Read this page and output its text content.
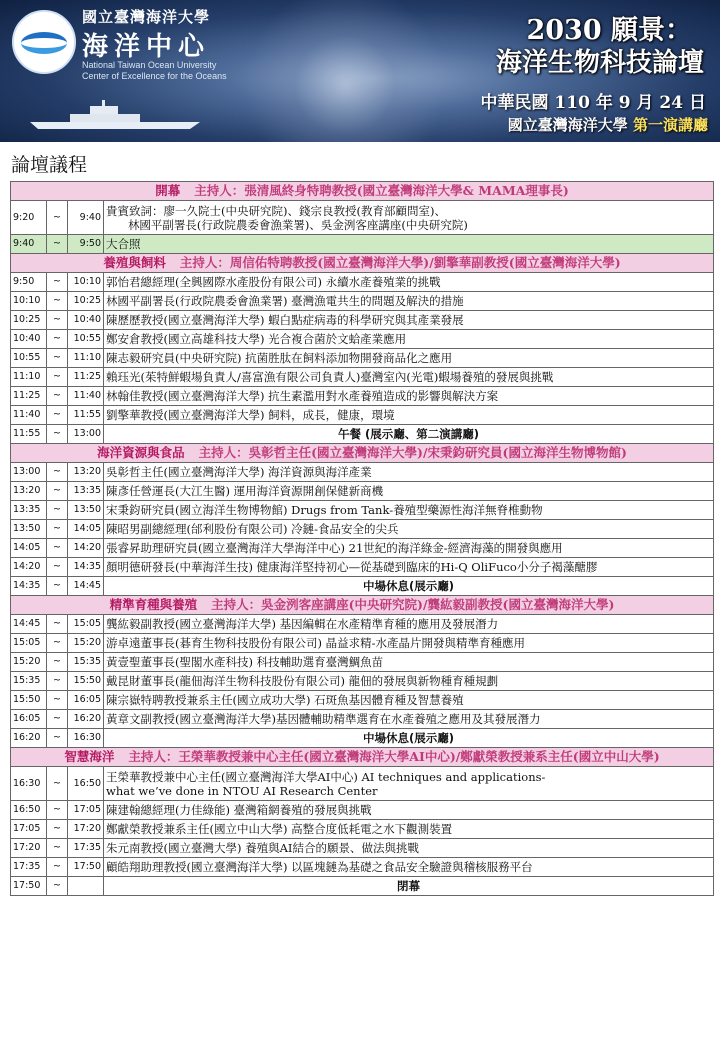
國立臺灣海洋大學
海洋中心
National Taiwan Ocean University
Center of Excellence for the Oceans
2030 願景：
海洋生物科技論壇
中華民國 110 年 9 月 24 日
國立臺灣海洋大學 第一演講廳
論壇議程
開幕 主持人：張清風終身特聘教授(國立臺灣海洋大學& MAMA理事長)			
9:20	~	9:40	貴賓致詞：廖一久院士(中央研究院)、錢宗良教授(教育部顧問室)、
林國平副署長(行政院農委會漁業署)、吳金洌客座講座(中央研究院)
9:40	~	9:50	大合照
養殖與飼料 主持人：周信佑特聘教授(國立臺灣海洋大學)/劉擎華副教授(國立臺灣海洋大學)			
9:50	~	10:10	郭怡君總經理(全興國際水產股份有限公司) 永續水產養殖業的挑戰
10:10	~	10:25	林國平副署長(行政院農委會漁業署) 臺灣漁電共生的問題及解決的措施
10:25	~	10:40	陳歷歷教授(國立臺灣海洋大學) 蝦白點症病毒的科學研究與其產業發展
10:40	~	10:55	鄭安倉教授(國立高雄科技大學) 光合複合菌於文蛤產業應用
10:55	~	11:10	陳志毅研究員(中央研究院) 抗菌胜肽在飼料添加物開發商品化之應用
11:10	~	11:25	賴珏光(茱特鮮蝦場負責人/喜富漁有限公司負責人)臺灣室內(光電)蝦場養殖的發展與挑戰
11:25	~	11:40	林翰佳教授(國立臺灣海洋大學) 抗生素濫用對水產養殖造成的影響與解決方案
11:40	~	11:55	劉擎華教授(國立臺灣海洋大學) 飼料，成長，健康，環境
11:55	~	13:00	午餐 (展示廳、第二演講廳)
海洋資源與食品 主持人：吳彰哲主任(國立臺灣海洋大學)/宋秉鈞研究員(國立海洋生物博物館)			
13:00	~	13:20	吳彰哲主任(國立臺灣海洋大學) 海洋資源與海洋產業
13:20	~	13:35	陳彥任營運長(大江生醫) 運用海洋資源開創保健新商機
13:35	~	13:50	宋秉鈞研究員(國立海洋生物博物館) Drugs from Tank-養殖型藥源性海洋無脊椎動物
13:50	~	14:05	陳昭男副總經理(邰利股份有限公司) 冷鏈-食品安全的尖兵
14:05	~	14:20	張睿昇助理研究員(國立臺灣海洋大學海洋中心) 21世紀的海洋綠金-經濟海藻的開發與應用
14:20	~	14:35	顏明德研發長(中華海洋生技) 健康海洋堅持初心—從基礎到臨床的Hi-Q OliFuco小分子褐藻醣膠
14:35	~	14:45	中場休息(展示廳)
精準育種與養殖 主持人：吳金洌客座講座(中央研究院)/龔紘毅副教授(國立臺灣海洋大學)			
14:45	~	15:05	龔紘毅副教授(國立臺灣海洋大學) 基因編輯在水產精準育種的應用及發展潛力
15:05	~	15:20	游卓遠董事長(碁育生物科技股份有限公司) 晶益求精-水產晶片開發與精準育種應用
15:20	~	15:35	黃壹聖董事長(聖閣水產科技) 科技輔助選育臺灣鯛魚苗
15:35	~	15:50	戴昆財董事長(龍佃海洋生物科技股份有限公司) 龍佃的發展與新物種育種規劃
15:50	~	16:05	陳宗嶽特聘教授兼系主任(國立成功大學) 石斑魚基因體育種及智慧養殖
16:05	~	16:20	黃章文副教授(國立臺灣海洋大學)基因體輔助精準選育在水產養殖之應用及其發展潛力
16:20	~	16:30	中場休息(展示廳)
智慧海洋 主持人：王榮華教授兼中心主任(國立臺灣海洋大學AI中心)/鄭獻榮教授兼系主任(國立中山大學)			
16:30	~	16:50	王榮華教授兼中心主任(國立臺灣海洋大學AI中心) AI techniques and applications-
what we’ve done in NTOU AI Research Center
16:50	~	17:05	陳建翰總經理(力佳綠能) 臺灣箱網養殖的發展與挑戰
17:05	~	17:20	鄭獻榮教授兼系主任(國立中山大學) 高整合度低耗電之水下觀測裝置
17:20	~	17:35	朱元南教授(國立臺灣大學) 養殖與AI結合的願景、做法與挑戰
17:35	~	17:50	顧皓翔助理教授(國立臺灣海洋大學) 以區塊鏈為基礎之食品安全驗證與稽核服務平台
17:50	~		閉幕
